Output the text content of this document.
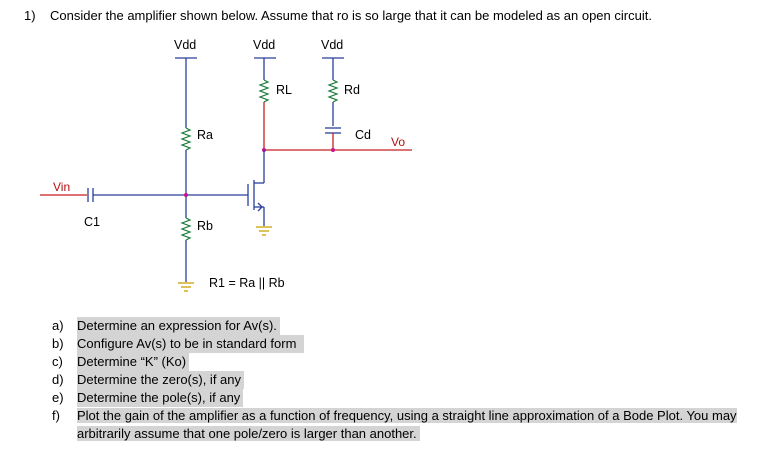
1) Consider the amplifier shown below. Assume that ro is so large that it can be modeled as an open circuit.
Vdd	Vdd	Vdd
RL	Rd
Ra	Cd Vo
Vin
C1	Rb
R1 = Ra || Rb
a)	Determine an expression for Av(s).
b)	Configure Av(s) to be in standard form
c)	Determine “K” (Ko)
d)	Determine the zero(s), if any
e)	Determine the pole(s), if any
f)	Plot the gain of the amplifier as a function of frequency, using a straight line approximation of a Bode Plot. You may arbitrarily assume that one pole/zero is larger than another.
